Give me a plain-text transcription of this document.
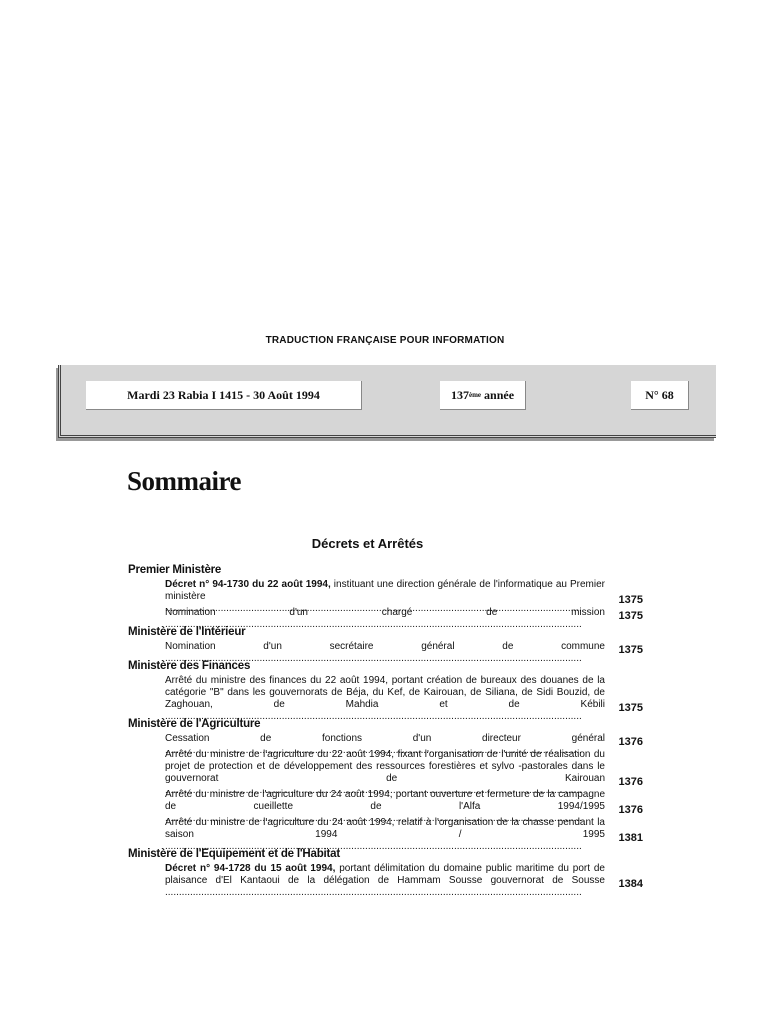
TRADUCTION FRANÇAISE POUR INFORMATION
Mardi 23 Rabia I 1415 - 30 Août 1994	137 ème année	N° 68
Sommaire
Décrets et Arrêtés
Premier Ministère
Décret n° 94-1730 du 22 août 1994, instituant une direction générale de l'informatique au Premier ministère .....	1375
Nomination d'un chargé de mission .....	1375
Ministère de l'Intérieur
Nomination d'un secrétaire général de commune .....	1375
Ministère des Finances
Arrêté du ministre des finances du 22 août 1994, portant création de bureaux des douanes de la catégorie "B" dans les gouvernorats de Béja, du Kef, de Kairouan, de Siliana, de Sidi Bouzid, de Zaghouan, de Mahdia et de Kébili .....	1375
Ministère de l'Agriculture
Cessation de fonctions d'un directeur général .....	1376
Arrêté du ministre de l'agriculture du 22 août 1994, fixant l'organisation de l'unité de réalisation du projet de protection et de développement des ressources forestières et sylvo -pastorales dans le gouvernorat de Kairouan .....	1376
Arrêté du ministre de l'agriculture du 24 août 1994, portant ouverture et fermeture de la campagne de cueillette de l'Alfa 1994/1995 .....	1376
Arrêté du ministre de l'agriculture du 24 août 1994, relatif à l'organisation de la chasse pendant la saison 1994 / 1995 .....	1381
Ministère de l'Equipement et de l'Habitat
Décret n° 94-1728 du 15 août 1994, portant délimitation du domaine public maritime du port de plaisance d'El Kantaoui de la délégation de Hammam Sousse gouvernorat de Sousse .....	1384
